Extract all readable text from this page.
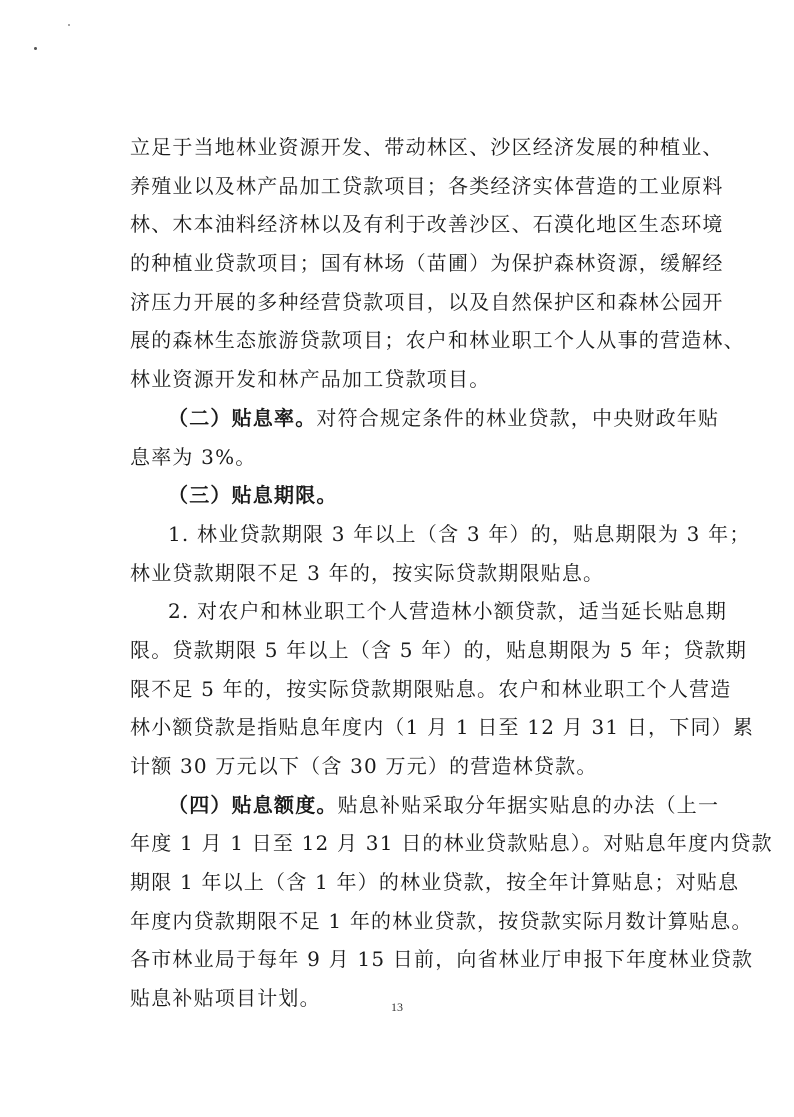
立足于当地林业资源开发、带动林区、沙区经济发展的种植业、
养殖业以及林产品加工贷款项目；各类经济实体营造的工业原料
林、木本油料经济林以及有利于改善沙区、石漠化地区生态环境
的种植业贷款项目；国有林场（苗圃）为保护森林资源，缓解经
济压力开展的多种经营贷款项目，以及自然保护区和森林公园开
展的森林生态旅游贷款项目；农户和林业职工个人从事的营造林、
林业资源开发和林产品加工贷款项目。
（二）贴息率。对符合规定条件的林业贷款，中央财政年贴
息率为 3%。
（三）贴息期限。
1. 林业贷款期限 3 年以上（含 3 年）的，贴息期限为 3 年；
林业贷款期限不足 3 年的，按实际贷款期限贴息。
2. 对农户和林业职工个人营造林小额贷款，适当延长贴息期
限。贷款期限 5 年以上（含 5 年）的，贴息期限为 5 年；贷款期
限不足 5 年的，按实际贷款期限贴息。农户和林业职工个人营造
林小额贷款是指贴息年度内（1 月 1 日至 12 月 31 日，下同）累
计额 30 万元以下（含 30 万元）的营造林贷款。
（四）贴息额度。贴息补贴采取分年据实贴息的办法（上一
年度 1 月 1 日至 12 月 31 日的林业贷款贴息）。对贴息年度内贷款
期限 1 年以上（含 1 年）的林业贷款，按全年计算贴息；对贴息
年度内贷款期限不足 1 年的林业贷款，按贷款实际月数计算贴息。
各市林业局于每年 9 月 15 日前，向省林业厅申报下年度林业贷款
贴息补贴项目计划。	13
